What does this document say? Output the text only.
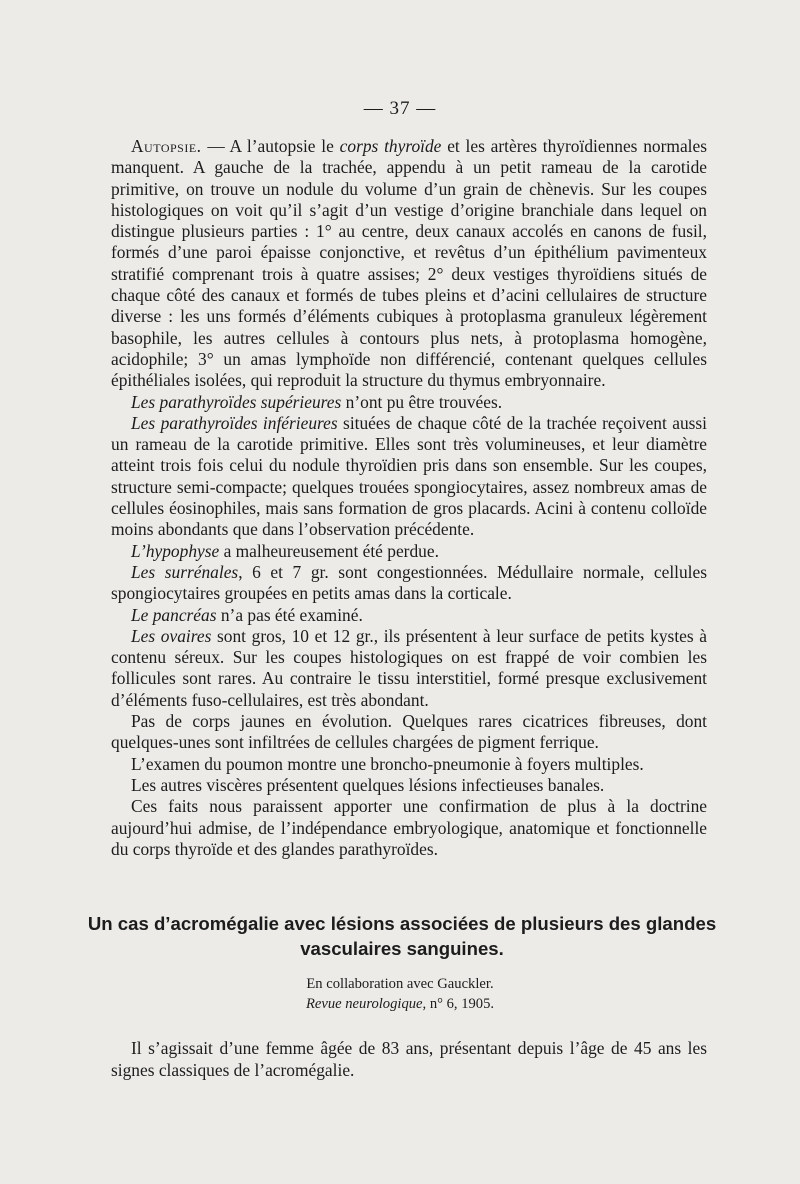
— 37 —

Autopsie. — A l’autopsie le corps thyroïde et les artères thyroïdiennes normales manquent. A gauche de la trachée, appendu à un petit rameau de la carotide primitive, on trouve un nodule du volume d’un grain de chènevis. Sur les coupes histologiques on voit qu’il s’agit d’un vestige d’origine branchiale dans lequel on distingue plusieurs parties : 1° au centre, deux canaux accolés en canons de fusil, formés d’une paroi épaisse conjonctive, et revêtus d’un épithélium pavimenteux stratifié comprenant trois à quatre assises; 2° deux vestiges thyroïdiens situés de chaque côté des canaux et formés de tubes pleins et d’acini cellulaires de structure diverse : les uns formés d’éléments cubiques à protoplasma granuleux légèrement basophile, les autres cellules à contours plus nets, à protoplasma homogène, acidophile; 3° un amas lymphoïde non différencié, contenant quelques cellules épithéliales isolées, qui reproduit la structure du thymus embryonnaire.

Les parathyroïdes supérieures n’ont pu être trouvées.

Les parathyroïdes inférieures situées de chaque côté de la trachée reçoivent aussi un rameau de la carotide primitive. Elles sont très volumineuses, et leur diamètre atteint trois fois celui du nodule thyroïdien pris dans son ensemble. Sur les coupes, structure semi-compacte; quelques trouées spongiocytaires, assez nombreux amas de cellules éosinophiles, mais sans formation de gros placards. Acini à contenu colloïde moins abondants que dans l’observation précédente.

L’hypophyse a malheureusement été perdue.

Les surrénales, 6 et 7 gr. sont congestionnées. Médullaire normale, cellules spongiocytaires groupées en petits amas dans la corticale.

Le pancréas n’a pas été examiné.

Les ovaires sont gros, 10 et 12 gr., ils présentent à leur surface de petits kystes à contenu séreux. Sur les coupes histologiques on est frappé de voir combien les follicules sont rares. Au contraire le tissu interstitiel, formé presque exclusivement d’éléments fuso-cellulaires, est très abondant.

Pas de corps jaunes en évolution. Quelques rares cicatrices fibreuses, dont quelques-unes sont infiltrées de cellules chargées de pigment ferrique.

L’examen du poumon montre une broncho-pneumonie à foyers multiples.

Les autres viscères présentent quelques lésions infectieuses banales.

Ces faits nous paraissent apporter une confirmation de plus à la doctrine aujourd’hui admise, de l’indépendance embryologique, anatomique et fonctionnelle du corps thyroïde et des glandes parathyroïdes.

Un cas d’acromégalie avec lésions associées de plusieurs des glandes vasculaires sanguines.
En collaboration avec Gauckler.
Revue neurologique, n° 6, 1905.

Il s’agissait d’une femme âgée de 83 ans, présentant depuis l’âge de 45 ans les signes classiques de l’acromégalie.
